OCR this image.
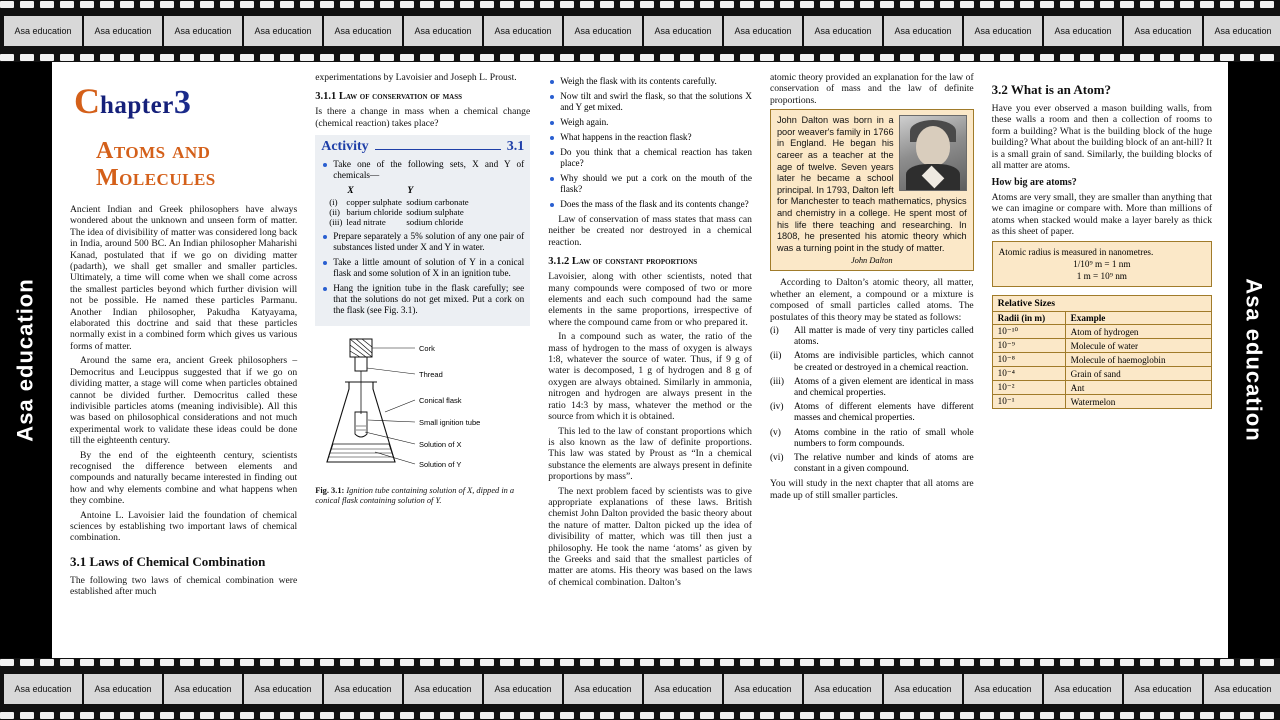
Asa education	Asa education	Asa education	Asa education	Asa education	Asa education	Asa education	Asa education	Asa education	Asa education	Asa education	Asa education	Asa education	Asa education	Asa education	Asa education
Asa education	Asa education
Chapter3
Atoms and Molecules

Ancient Indian and Greek philosophers have always wondered about the unknown and unseen form of matter. The idea of divisibility of matter was considered long back in India, around 500 BC. An Indian philosopher Maharishi Kanad, postulated that if we go on dividing matter (padarth), we shall get smaller and smaller particles. Ultimately, a time will come when we shall come across the smallest particles beyond which further division will not be possible. He named these particles Parmanu. Another Indian philosopher, Pakudha Katyayama, elaborated this doctrine and said that these particles normally exist in a combined form which gives us various forms of matter.

Around the same era, ancient Greek philosophers – Democritus and Leucippus suggested that if we go on dividing matter, a stage will come when particles obtained cannot be divided further. Democritus called these indivisible particles atoms (meaning indivisible). All this was based on philosophical considerations and not much experimental work to validate these ideas could be done till the eighteenth century.

By the end of the eighteenth century, scientists recognised the difference between elements and compounds and naturally became interested in finding out how and why elements combine and what happens when they combine.

Antoine L. Lavoisier laid the foundation of chemical sciences by establishing two important laws of chemical combination.

3.1 Laws of Chemical Combination

The following two laws of chemical combination were established after much

experimentations by Lavoisier and Joseph L. Proust.

3.1.1 Law of conservation of mass

Is there a change in mass when a chemical change (chemical reaction) takes place?

Activity	3.1
Take one of the following sets, X and Y of chemicals—
	X	Y
(i)	copper sulphate	sodium carbonate
(ii)	barium chloride	sodium sulphate
(iii)	lead nitrate	sodium chloride
Prepare separately a 5% solution of any one pair of substances listed under X and Y in water.
Take a little amount of solution of Y in a conical flask and some solution of X in an ignition tube.
Hang the ignition tube in the flask carefully; see that the solutions do not get mixed. Put a cork on the flask (see Fig. 3.1).
Cork
Thread
Conical flask
Small ignition tube
Solution of X
Solution of Y
Fig. 3.1: Ignition tube containing solution of X, dipped in a conical flask containing solution of Y.
Weigh the flask with its contents carefully.
Now tilt and swirl the flask, so that the solutions X and Y get mixed.
Weigh again.
What happens in the reaction flask?
Do you think that a chemical reaction has taken place?
Why should we put a cork on the mouth of the flask?
Does the mass of the flask and its contents change?

Law of conservation of mass states that mass can neither be created nor destroyed in a chemical reaction.

3.1.2 Law of constant proportions

Lavoisier, along with other scientists, noted that many compounds were composed of two or more elements and each such compound had the same elements in the same proportions, irrespective of where the compound came from or who prepared it.

In a compound such as water, the ratio of the mass of hydrogen to the mass of oxygen is always 1:8, whatever the source of water. Thus, if 9 g of water is decomposed, 1 g of hydrogen and 8 g of oxygen are always obtained. Similarly in ammonia, nitrogen and hydrogen are always present in the ratio 14:3 by mass, whatever the method or the source from which it is obtained.

This led to the law of constant proportions which is also known as the law of definite proportions. This law was stated by Proust as “In a chemical substance the elements are always present in definite proportions by mass”.

The next problem faced by scientists was to give appropriate explanations of these laws. British chemist John Dalton provided the basic theory about the nature of matter. Dalton picked up the idea of divisibility of matter, which was till then just a philosophy. He took the name ‘atoms’ as given by the Greeks and said that the smallest particles of matter are atoms. His theory was based on the laws of chemical combination. Dalton’s

atomic theory provided an explanation for the law of conservation of mass and the law of definite proportions.

John Dalton was born in a poor weaver's family in 1766 in England. He began his career as a teacher at the age of twelve. Seven years later he became a school principal. In 1793, Dalton left for Manchester to teach mathematics, physics and chemistry in a college. He spent most of his life there teaching and researching. In 1808, he presented his atomic theory which was a turning point in the study of matter.

John Dalton

According to Dalton’s atomic theory, all matter, whether an element, a compound or a mixture is composed of small particles called atoms. The postulates of this theory may be stated as follows:

(i)	All matter is made of very tiny particles called atoms.
(ii)	Atoms are indivisible particles, which cannot be created or destroyed in a chemical reaction.
(iii)	Atoms of a given element are identical in mass and chemical properties.
(iv)	Atoms of different elements have different masses and chemical properties.
(v)	Atoms combine in the ratio of small whole numbers to form compounds.
(vi)	The relative number and kinds of atoms are constant in a given compound.

You will study in the next chapter that all atoms are made up of still smaller particles.

3.2 What is an Atom?

Have you ever observed a mason building walls, from these walls a room and then a collection of rooms to form a building? What is the building block of the huge building? What about the building block of an ant-hill? It is a small grain of sand. Similarly, the building blocks of all matter are atoms.

How big are atoms?

Atoms are very small, they are smaller than anything that we can imagine or compare with. More than millions of atoms when stacked would make a layer barely as thick as this sheet of paper.

Atomic radius is measured in nanometres.
1/10⁹ m = 1 nm
1 m = 10⁹ nm
Relative Sizes
Radii (in m)	Example
10⁻¹⁰	Atom of hydrogen
10⁻⁹	Molecule of water
10⁻⁸	Molecule of haemoglobin
10⁻⁴	Grain of sand
10⁻²	Ant
10⁻¹	Watermelon
Asa education	Asa education	Asa education	Asa education	Asa education	Asa education	Asa education	Asa education	Asa education	Asa education	Asa education	Asa education	Asa education	Asa education	Asa education	Asa education
